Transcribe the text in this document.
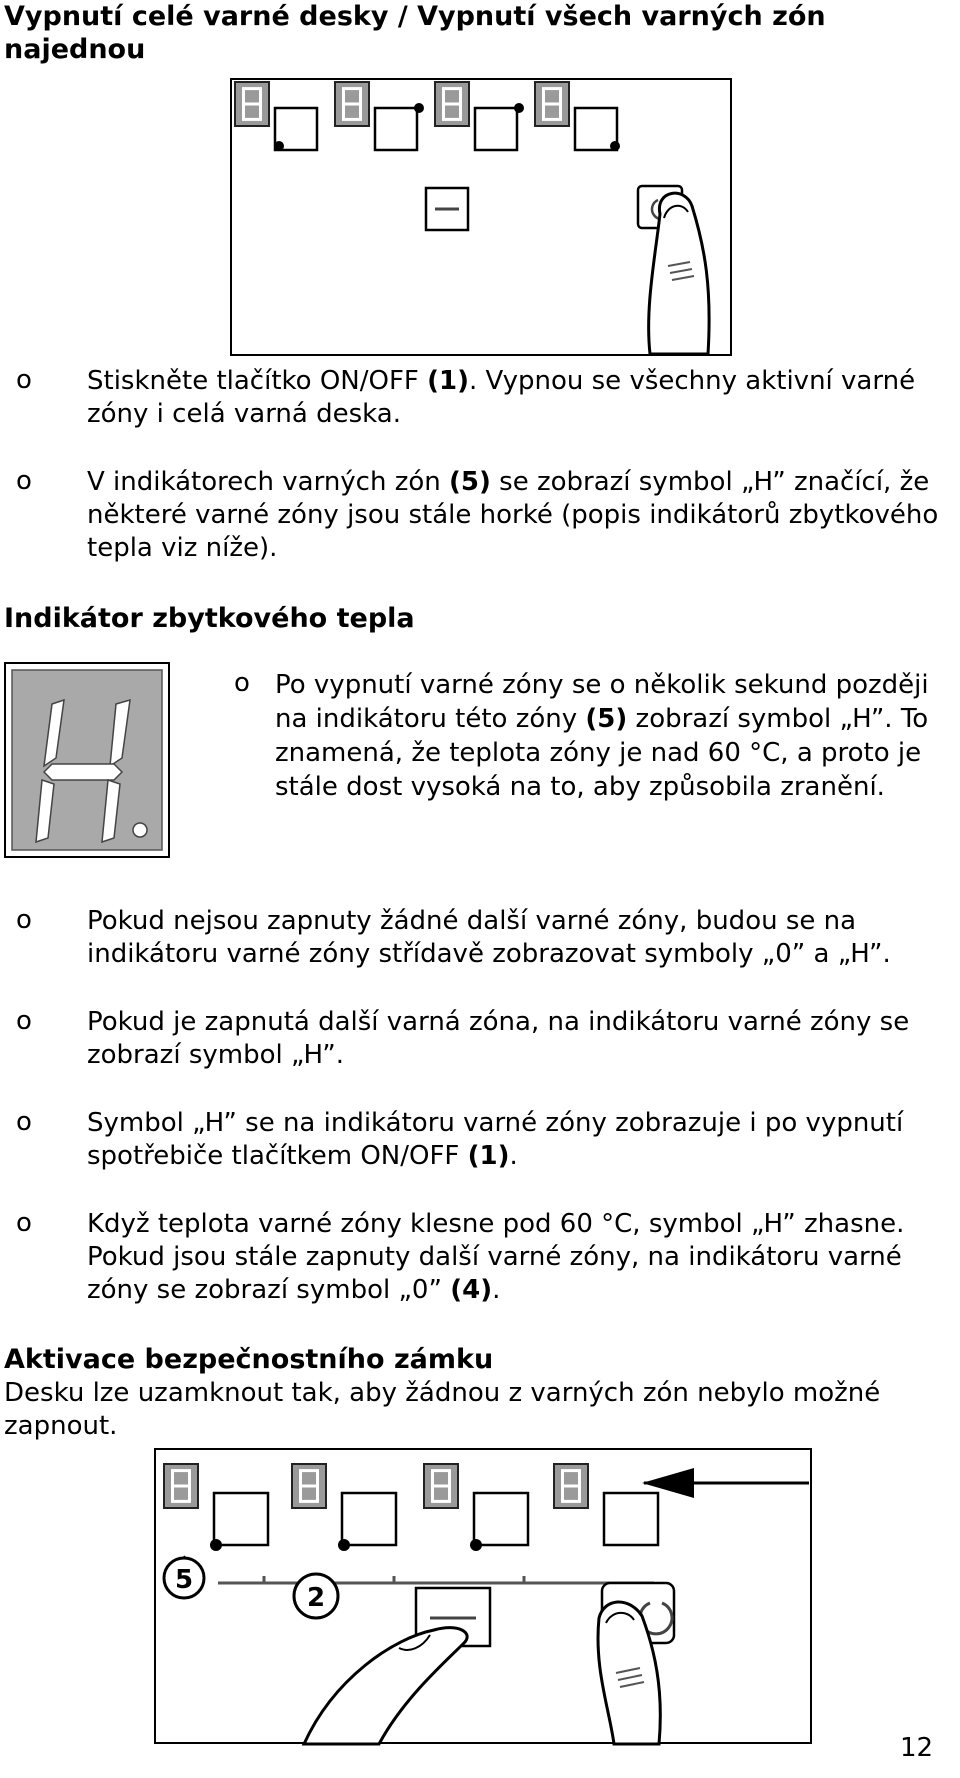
Vypnutí celé varné desky / Vypnutí všech varných zón
najednou
o Stiskněte tlačítko ON/OFF (1). Vypnou se všechny aktivní varné zóny i celá varná deska.
o V indikátorech varných zón (5) se zobrazí symbol „H” značící, že některé varné zóny jsou stále horké (popis indikátorů zbytkového tepla viz níže).
Indikátor zbytkového tepla
o Po vypnutí varné zóny se o několik sekund později na indikátoru této zóny (5) zobrazí symbol „H”. To znamená, že teplota zóny je nad 60 °C, a proto je stále dost vysoká na to, aby způsobila zranění.
o Pokud nejsou zapnuty žádné další varné zóny, budou se na indikátoru varné zóny střídavě zobrazovat symboly „0” a „H”.
o Pokud je zapnutá další varná zóna, na indikátoru varné zóny se zobrazí symbol „H”.
o Symbol „H” se na indikátoru varné zóny zobrazuje i po vypnutí spotřebiče tlačítkem ON/OFF (1).
o Když teplota varné zóny klesne pod 60 °C, symbol „H” zhasne. Pokud jsou stále zapnuty další varné zóny, na indikátoru varné zóny se zobrazí symbol „0” (4).
Aktivace bezpečnostního zámku
Desku lze uzamknout tak, aby žádnou z varných zón nebylo možné zapnout.
5
2
12
